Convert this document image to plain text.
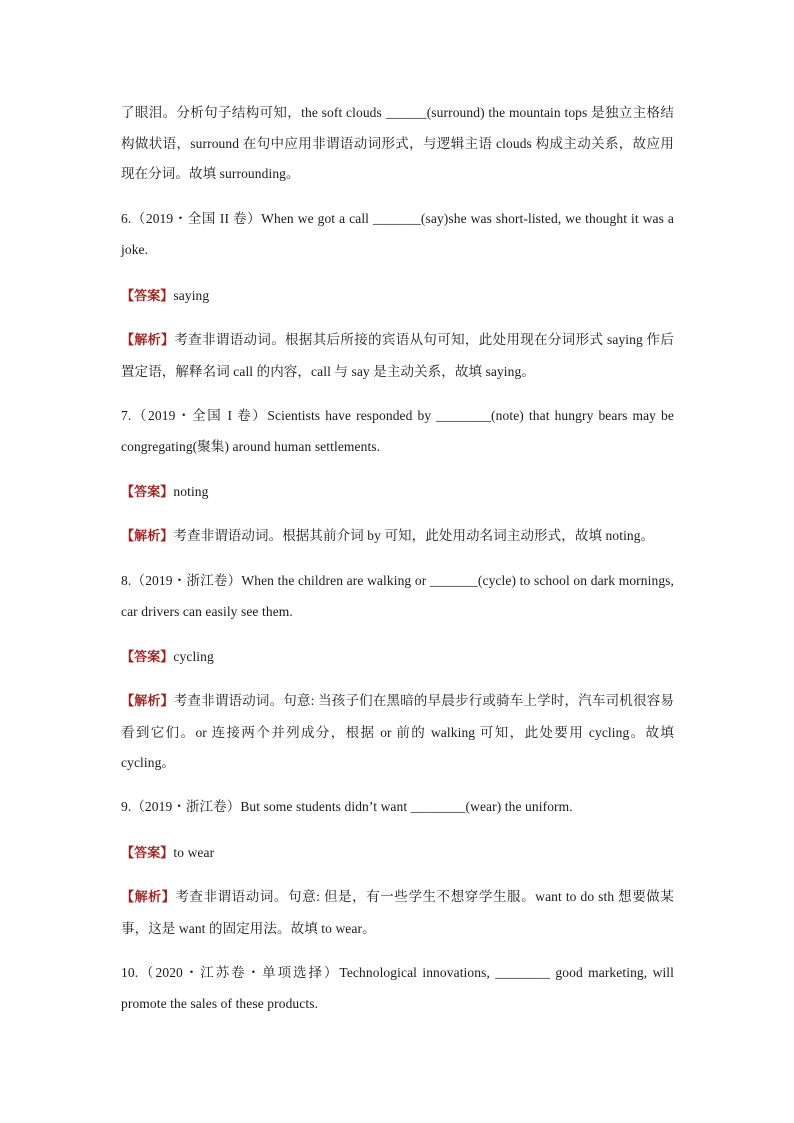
了眼泪。分析句子结构可知，the soft clouds ______(surround) the mountain tops 是独立主格结构做状语，surround 在句中应用非谓语动词形式，与逻辑主语 clouds 构成主动关系，故应用现在分词。故填 surrounding。

6.（2019・全国 II 卷）When we got a call _______(say)she was short-listed, we thought it was a joke.

【答案】saying

【解析】考查非谓语动词。根据其后所接的宾语从句可知，此处用现在分词形式 saying 作后置定语，解释名词 call 的内容，call 与 say 是主动关系，故填 saying。

7.（2019・全国 I 卷）Scientists have responded by ________(note) that hungry bears may be congregating(聚集) around human settlements.

【答案】noting

【解析】考查非谓语动词。根据其前介词 by 可知，此处用动名词主动形式，故填 noting。

8.（2019・浙江卷）When the children are walking or _______(cycle) to school on dark mornings, car drivers can easily see them.

【答案】cycling

【解析】考查非谓语动词。句意: 当孩子们在黑暗的早晨步行或骑车上学时，汽车司机很容易看到它们。or 连接两个并列成分，根据 or 前的 walking 可知，此处要用 cycling。故填 cycling。

9.（2019・浙江卷）But some students didn’t want ________(wear) the uniform.

【答案】to wear

【解析】考查非谓语动词。句意: 但是，有一些学生不想穿学生服。want to do sth 想要做某事，这是 want 的固定用法。故填 to wear。

10.（2020・江苏卷・单项选择）Technological innovations, ________ good marketing, will promote the sales of these products.
